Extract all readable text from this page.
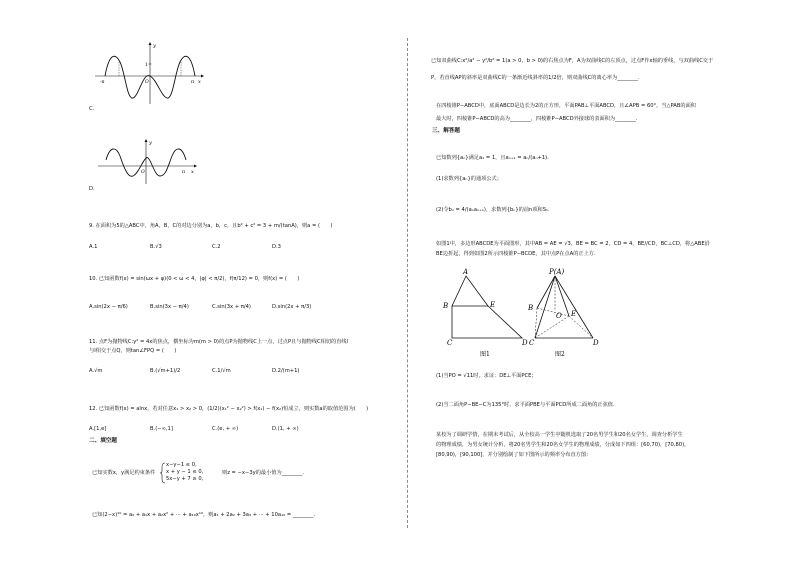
y
x
-π	O	π
1
C.
y
x
O	π
D.
9. 在面积为5的△ABC中，角A，B，C的对边分别为a，b，c，且b² + c² = 3 + m/(tanA)，则a = (　　)
A.1	B.√3	C.2	D.3
10. 已知函数f(x) = sin(ωx + φ)(0 < ω < 4，|φ| < π/2)，f(π/12) = 0，则f(x) = (　　)
A.sin(2x − π/6)	B.sin(3x − π/4)	C.sin(3x + π/4)	D.sin(2x + π/3)
11. 点F为抛物线C:y² = 4x的焦点，横坐标为m(m > 0)的点P为抛物线C上一点，过点P且与抛物线C相切的直线l
与l相交于点Q，则tan∠FPQ = (　　)
A.√m	B.(√m+1)/2	C.1/√m	D.2/(m+1)
12. 已知函数f(x) = alnx，若对任意x₁ > x₂ > 0，(1/2)(x₁² − x₂²) > f(x₁) − f(x₂)恒成立，则实数a的取值范围为(　　)
A.[1,e]	B.(−∞,1]	C.(e, + ∞)	D.(1, + ∞)
二、填空题
已知实数x，y满足约束条件
x−y−1 ≤ 0,
x + y − 1 ≤ 0,
5x−y + 7 ≥ 0,
则z = −x−3y的最小值为________.
已知(2−x)¹⁰ = a₀ + a₁x + a₂x² + ··· + a₁₀x¹⁰，则a₁ + 2a₂ + 3a₃ + ··· + 10a₁₀ = ________.
已知双曲线C:x²/a² − y²/b² = 1(a > 0，b > 0)的右焦点为F，A为双曲线C的左顶点，过点F作x轴的垂线，与双曲线C交于
P，若直线AP的斜率是双曲线C的一条渐近线斜率的1/2倍，则双曲线C的离心率为________.
在四棱锥P−ABCD中，底面ABCD是边长为2的正方形，平面PAB⊥平面ABCD，且∠APB = 60°，当△PAB的面积
最大时，四棱锥P−ABCD的高为________，四棱锥P−ABCD外接球的表面积为________.
三、解答题
已知数列{aₙ}满足a₁ = 1，且aₙ₊₁ = aₙ/(aₙ+1).
(1)求数列{aₙ}的通项公式；
(2)令bₙ = 4/(aₙaₙ₊₁)，求数列{bₙ}的前n项和Sₙ.
如图1中，多边形ABCDE为平面图形，其中AB = AE = √3，BE = BC = 2，CD = 4，BE//CD，BC⊥CD，将△ABE沿
BE边折起，得到如图2所示四棱锥P−BCDE，其中点P在点A的正上方.
A
B	E
C	D
图1
P(A)
B
E
O
C	D
图2
(1)当PO = √11时，求证：DE⊥平面PCE；
(2)当二面角P−BE−C为135°时，求平面PBE与平面PCD所成二面角的正弦值.
某校为了调研学情，在期末考试后，从全校高一学生中随机选取了20名男学生和20名女学生，调查分析学生
的物理成绩，为男女统计分析，将20名男学生和20名女学生的物理成绩，分成如下四组：[60,70)，[70,80)，
[80,90)，[90,100]，并分别绘制了如下图所示的频率分布直方图：
